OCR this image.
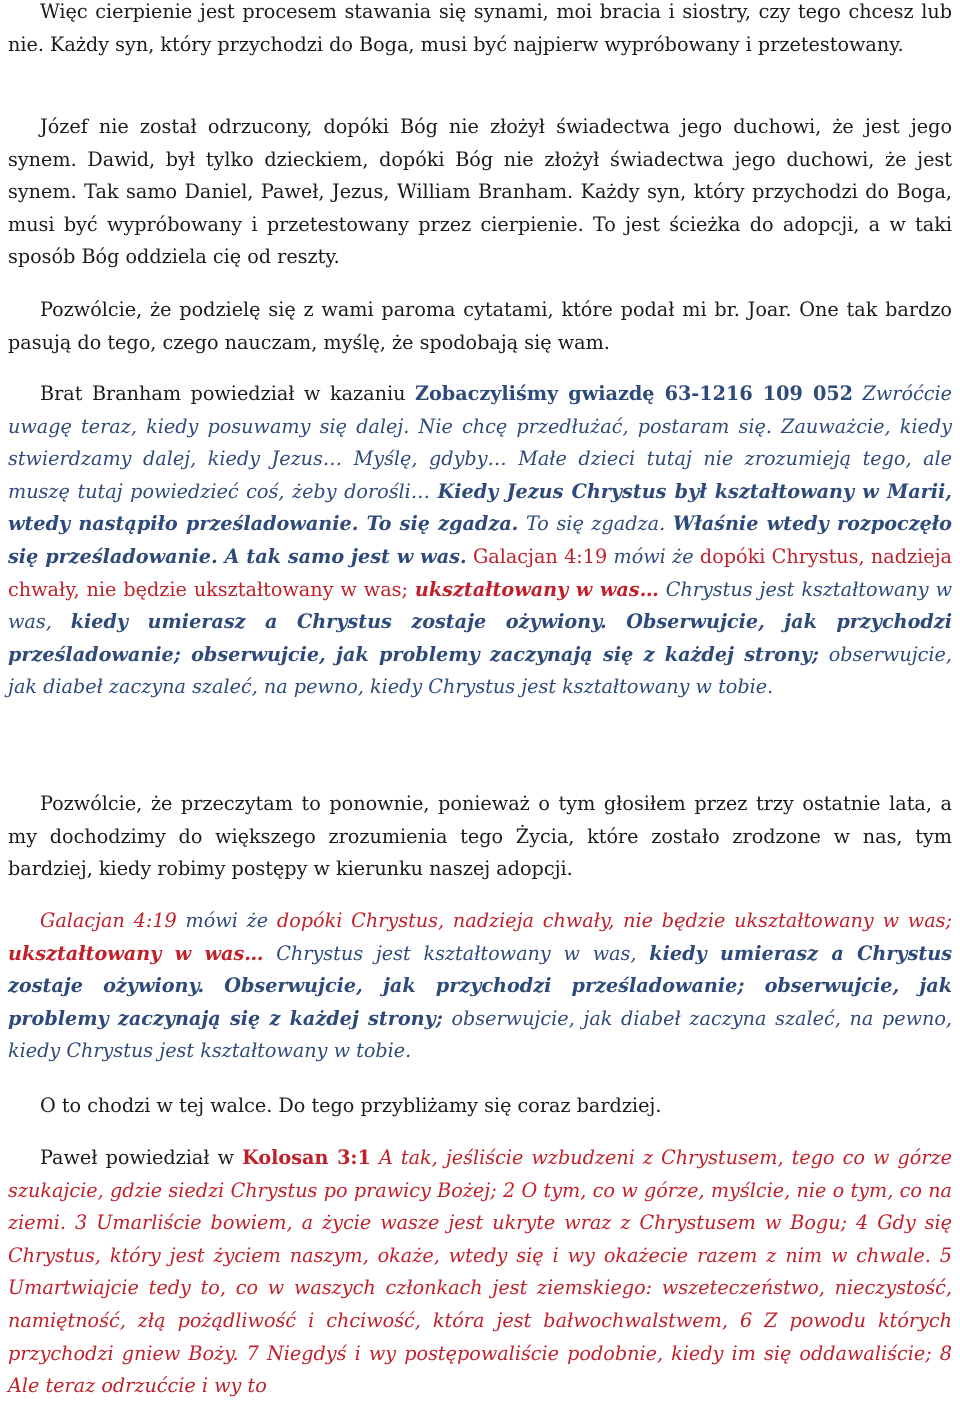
Więc cierpienie jest procesem stawania się synami, moi bracia i siostry, czy tego chcesz lub nie. Każdy syn, który przychodzi do Boga, musi być najpierw wypróbowany i przetestowany.

Józef nie został odrzucony, dopóki Bóg nie złożył świadectwa jego duchowi, że jest jego synem. Dawid, był tylko dzieckiem, dopóki Bóg nie złożył świadectwa jego duchowi, że jest synem. Tak samo Daniel, Paweł, Jezus, William Branham. Każdy syn, który przychodzi do Boga, musi być wypróbowany i przetestowany przez cierpienie. To jest ścieżka do adopcji, a w taki sposób Bóg oddziela cię od reszty.

Pozwólcie, że podzielę się z wami paroma cytatami, które podał mi br. Joar. One tak bardzo pasują do tego, czego nauczam, myślę, że spodobają się wam.

Brat Branham powiedział w kazaniu Zobaczyliśmy gwiazdę 63-1216 109 052 Zwróćcie uwagę teraz, kiedy posuwamy się dalej. Nie chcę przedłużać, postaram się. Zauważcie, kiedy stwierdzamy dalej, kiedy Jezus… Myślę, gdyby… Małe dzieci tutaj nie zrozumieją tego, ale muszę tutaj powiedzieć coś, żeby dorośli… Kiedy Jezus Chrystus był kształtowany w Marii, wtedy nastąpiło prześladowanie. To się zgadza. To się zgadza. Właśnie wtedy rozpoczęło się prześladowanie. A tak samo jest w was. Galacjan 4:19 mówi że dopóki Chrystus, nadzieja chwały, nie będzie ukształtowany w was; ukształtowany w was… Chrystus jest kształtowany w was, kiedy umierasz a Chrystus zostaje ożywiony. Obserwujcie, jak przychodzi prześladowanie; obserwujcie, jak problemy zaczynają się z każdej strony; obserwujcie, jak diabeł zaczyna szaleć, na pewno, kiedy Chrystus jest kształtowany w tobie.

Pozwólcie, że przeczytam to ponownie, ponieważ o tym głosiłem przez trzy ostatnie lata, a my dochodzimy do większego zrozumienia tego Życia, które zostało zrodzone w nas, tym bardziej, kiedy robimy postępy w kierunku naszej adopcji.

Galacjan 4:19 mówi że dopóki Chrystus, nadzieja chwały, nie będzie ukształtowany w was; ukształtowany w was… Chrystus jest kształtowany w was, kiedy umierasz a Chrystus zostaje ożywiony. Obserwujcie, jak przychodzi prześladowanie; obserwujcie, jak problemy zaczynają się z każdej strony; obserwujcie, jak diabeł zaczyna szaleć, na pewno, kiedy Chrystus jest kształtowany w tobie.

O to chodzi w tej walce. Do tego przybliżamy się coraz bardziej.

Paweł powiedział w Kolosan 3:1 A tak, jeśliście wzbudzeni z Chrystusem, tego co w górze szukajcie, gdzie siedzi Chrystus po prawicy Bożej; 2 O tym, co w górze, myślcie, nie o tym, co na ziemi. 3 Umarliście bowiem, a życie wasze jest ukryte wraz z Chrystusem w Bogu; 4 Gdy się Chrystus, który jest życiem naszym, okaże, wtedy się i wy okażecie razem z nim w chwale. 5 Umartwiajcie tedy to, co w waszych członkach jest ziemskiego: wszeteczeństwo, nieczystość, namiętność, złą pożądliwość i chciwość, która jest bałwochwalstwem, 6 Z powodu których przychodzi gniew Boży. 7 Niegdyś i wy postępowaliście podobnie, kiedy im się oddawaliście; 8 Ale teraz odrzućcie i wy to
